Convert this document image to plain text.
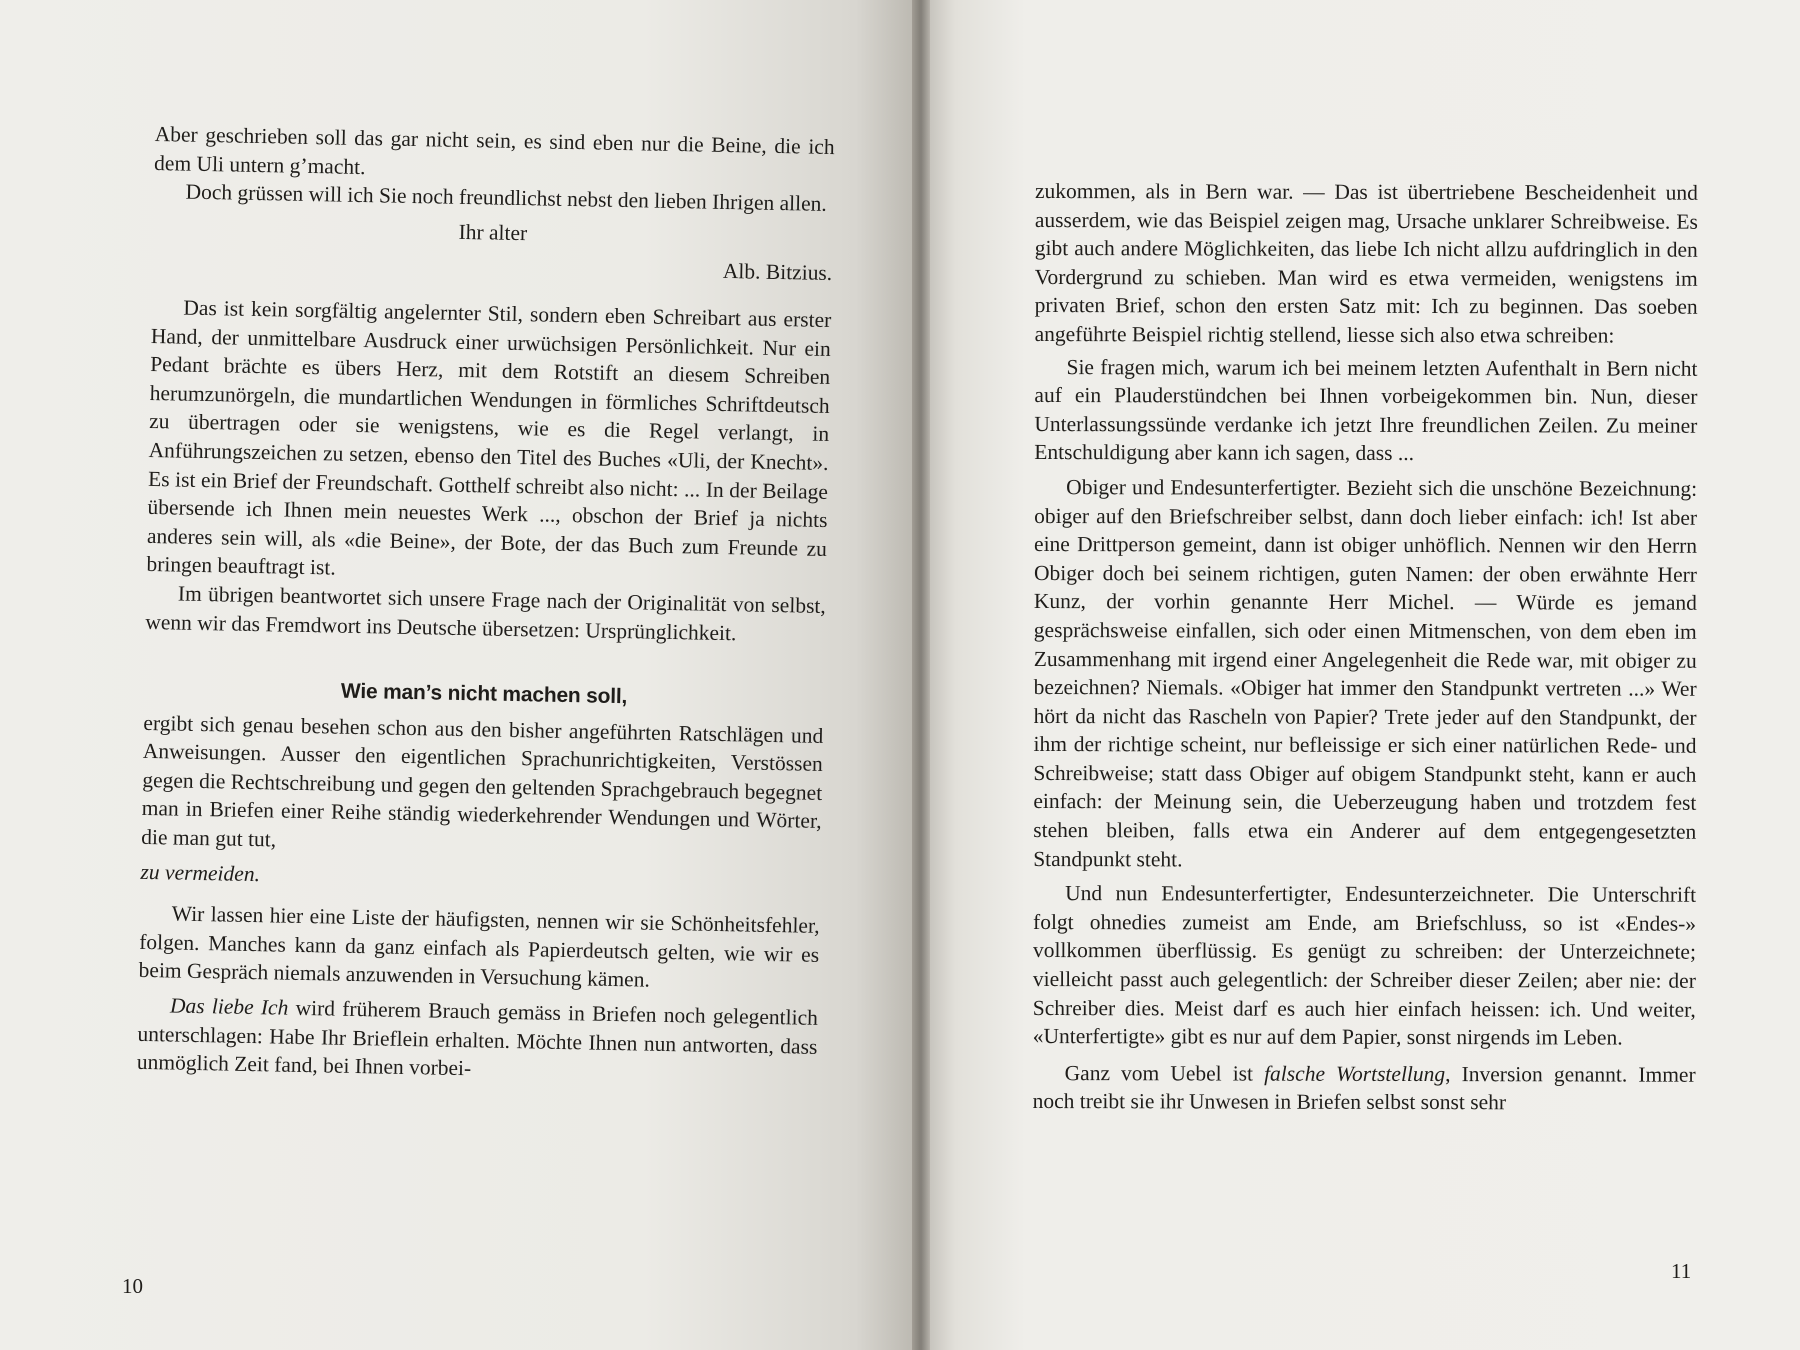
Aber geschrieben soll das gar nicht sein, es sind eben nur die Beine, die ich dem Uli untern g’macht.

Doch grüssen will ich Sie noch freundlichst nebst den lieben Ihrigen allen.

Ihr alter

Alb. Bitzius.

Das ist kein sorgfältig angelernter Stil, sondern eben Schreibart aus erster Hand, der unmittelbare Ausdruck einer urwüchsigen Persönlichkeit. Nur ein Pedant brächte es übers Herz, mit dem Rotstift an diesem Schreiben herumzunörgeln, die mundartlichen Wendungen in förmliches Schriftdeutsch zu übertragen oder sie wenigstens, wie es die Regel verlangt, in Anführungszeichen zu setzen, ebenso den Titel des Buches «Uli, der Knecht». Es ist ein Brief der Freundschaft. Gotthelf schreibt also nicht: ... In der Beilage übersende ich Ihnen mein neuestes Werk ..., obschon der Brief ja nichts anderes sein will, als «die Beine», der Bote, der das Buch zum Freunde zu bringen beauftragt ist.

Im übrigen beantwortet sich unsere Frage nach der Originalität von selbst, wenn wir das Fremdwort ins Deutsche übersetzen: Ursprünglichkeit.

Wie man’s nicht machen soll,

ergibt sich genau besehen schon aus den bisher angeführten Ratschlägen und Anweisungen. Ausser den eigentlichen Sprachunrichtigkeiten, Verstössen gegen die Rechtschreibung und gegen den geltenden Sprachgebrauch begegnet man in Briefen einer Reihe ständig wiederkehrender Wendungen und Wörter, die man gut tut,

zu vermeiden.

Wir lassen hier eine Liste der häufigsten, nennen wir sie Schönheitsfehler, folgen. Manches kann da ganz einfach als Papierdeutsch gelten, wie wir es beim Gespräch niemals anzuwenden in Versuchung kämen.

Das liebe Ich wird früherem Brauch gemäss in Briefen noch gelegentlich unterschlagen: Habe Ihr Brieflein erhalten. Möchte Ihnen nun antworten, dass unmöglich Zeit fand, bei Ihnen vorbei-

10

zukommen, als in Bern war. — Das ist übertriebene Bescheidenheit und ausserdem, wie das Beispiel zeigen mag, Ursache unklarer Schreibweise. Es gibt auch andere Möglichkeiten, das liebe Ich nicht allzu aufdringlich in den Vordergrund zu schieben. Man wird es etwa vermeiden, wenigstens im privaten Brief, schon den ersten Satz mit: Ich zu beginnen. Das soeben angeführte Beispiel richtig stellend, liesse sich also etwa schreiben:

Sie fragen mich, warum ich bei meinem letzten Aufenthalt in Bern nicht auf ein Plauderstündchen bei Ihnen vorbeigekommen bin. Nun, dieser Unterlassungssünde verdanke ich jetzt Ihre freundlichen Zeilen. Zu meiner Entschuldigung aber kann ich sagen, dass ...

Obiger und Endesunterfertigter. Bezieht sich die unschöne Bezeichnung: obiger auf den Briefschreiber selbst, dann doch lieber einfach: ich! Ist aber eine Drittperson gemeint, dann ist obiger unhöflich. Nennen wir den Herrn Obiger doch bei seinem richtigen, guten Namen: der oben erwähnte Herr Kunz, der vorhin genannte Herr Michel. — Würde es jemand gesprächsweise einfallen, sich oder einen Mitmenschen, von dem eben im Zusammenhang mit irgend einer Angelegenheit die Rede war, mit obiger zu bezeichnen? Niemals. «Obiger hat immer den Standpunkt vertreten ...» Wer hört da nicht das Rascheln von Papier? Trete jeder auf den Standpunkt, der ihm der richtige scheint, nur befleissige er sich einer natürlichen Rede- und Schreibweise; statt dass Obiger auf obigem Standpunkt steht, kann er auch einfach: der Meinung sein, die Ueberzeugung haben und trotzdem fest stehen bleiben, falls etwa ein Anderer auf dem entgegengesetzten Standpunkt steht.

Und nun Endesunterfertigter, Endesunterzeichneter. Die Unterschrift folgt ohnedies zumeist am Ende, am Briefschluss, so ist «Endes-» vollkommen überflüssig. Es genügt zu schreiben: der Unterzeichnete; vielleicht passt auch gelegentlich: der Schreiber dieser Zeilen; aber nie: der Schreiber dies. Meist darf es auch hier einfach heissen: ich. Und weiter, «Unterfertigte» gibt es nur auf dem Papier, sonst nirgends im Leben.

Ganz vom Uebel ist falsche Wortstellung, Inversion genannt. Immer noch treibt sie ihr Unwesen in Briefen selbst sonst sehr

11
